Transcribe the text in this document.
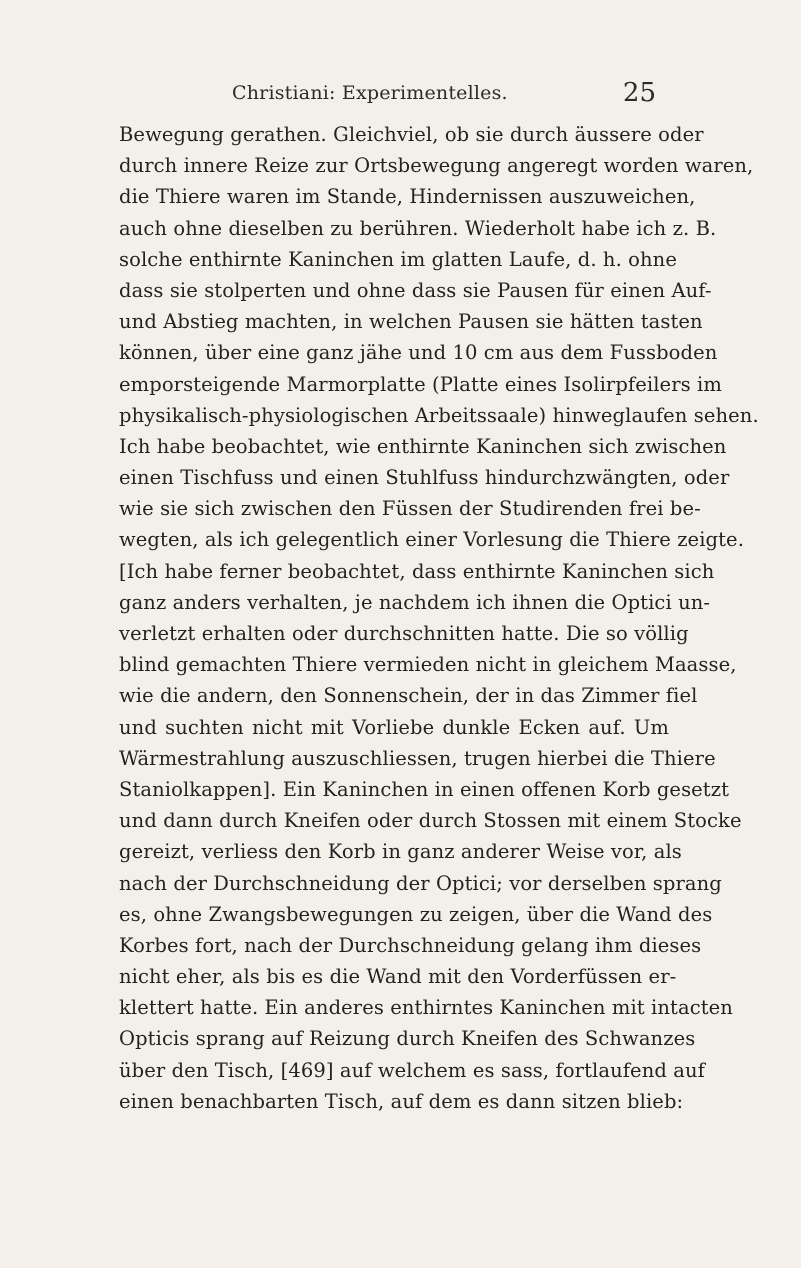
Christiani: Experimentelles.	25
Bewegung gerathen. Gleichviel, ob sie durch äussere oder
durch innere Reize zur Ortsbewegung angeregt worden waren,
die Thiere waren im Stande, Hindernissen auszuweichen,
auch ohne dieselben zu berühren. Wiederholt habe ich z. B.
solche enthirnte Kaninchen im glatten Laufe, d. h. ohne
dass sie stolperten und ohne dass sie Pausen für einen Auf-
und Abstieg machten, in welchen Pausen sie hätten tasten
können, über eine ganz jähe und 10 cm aus dem Fussboden
emporsteigende Marmorplatte (Platte eines Isolirpfeilers im
physikalisch-physiologischen Arbeitssaale) hinweglaufen sehen.
Ich habe beobachtet, wie enthirnte Kaninchen sich zwischen
einen Tischfuss und einen Stuhlfuss hindurchzwängten, oder
wie sie sich zwischen den Füssen der Studirenden frei be-
wegten, als ich gelegentlich einer Vorlesung die Thiere zeigte.
[Ich habe ferner beobachtet, dass enthirnte Kaninchen sich
ganz anders verhalten, je nachdem ich ihnen die Optici un-
verletzt erhalten oder durchschnitten hatte. Die so völlig
blind gemachten Thiere vermieden nicht in gleichem Maasse,
wie die andern, den Sonnenschein, der in das Zimmer fiel
und suchten nicht mit Vorliebe dunkle Ecken auf. Um
Wärmestrahlung auszuschliessen, trugen hierbei die Thiere
Staniolkappen]. Ein Kaninchen in einen offenen Korb gesetzt
und dann durch Kneifen oder durch Stossen mit einem Stocke
gereizt, verliess den Korb in ganz anderer Weise vor, als
nach der Durchschneidung der Optici; vor derselben sprang
es, ohne Zwangsbewegungen zu zeigen, über die Wand des
Korbes fort, nach der Durchschneidung gelang ihm dieses
nicht eher, als bis es die Wand mit den Vorderfüssen er-
klettert hatte. Ein anderes enthirntes Kaninchen mit intacten
Opticis sprang auf Reizung durch Kneifen des Schwanzes
über den Tisch, [469] auf welchem es sass, fortlaufend auf
einen benachbarten Tisch, auf dem es dann sitzen blieb:
